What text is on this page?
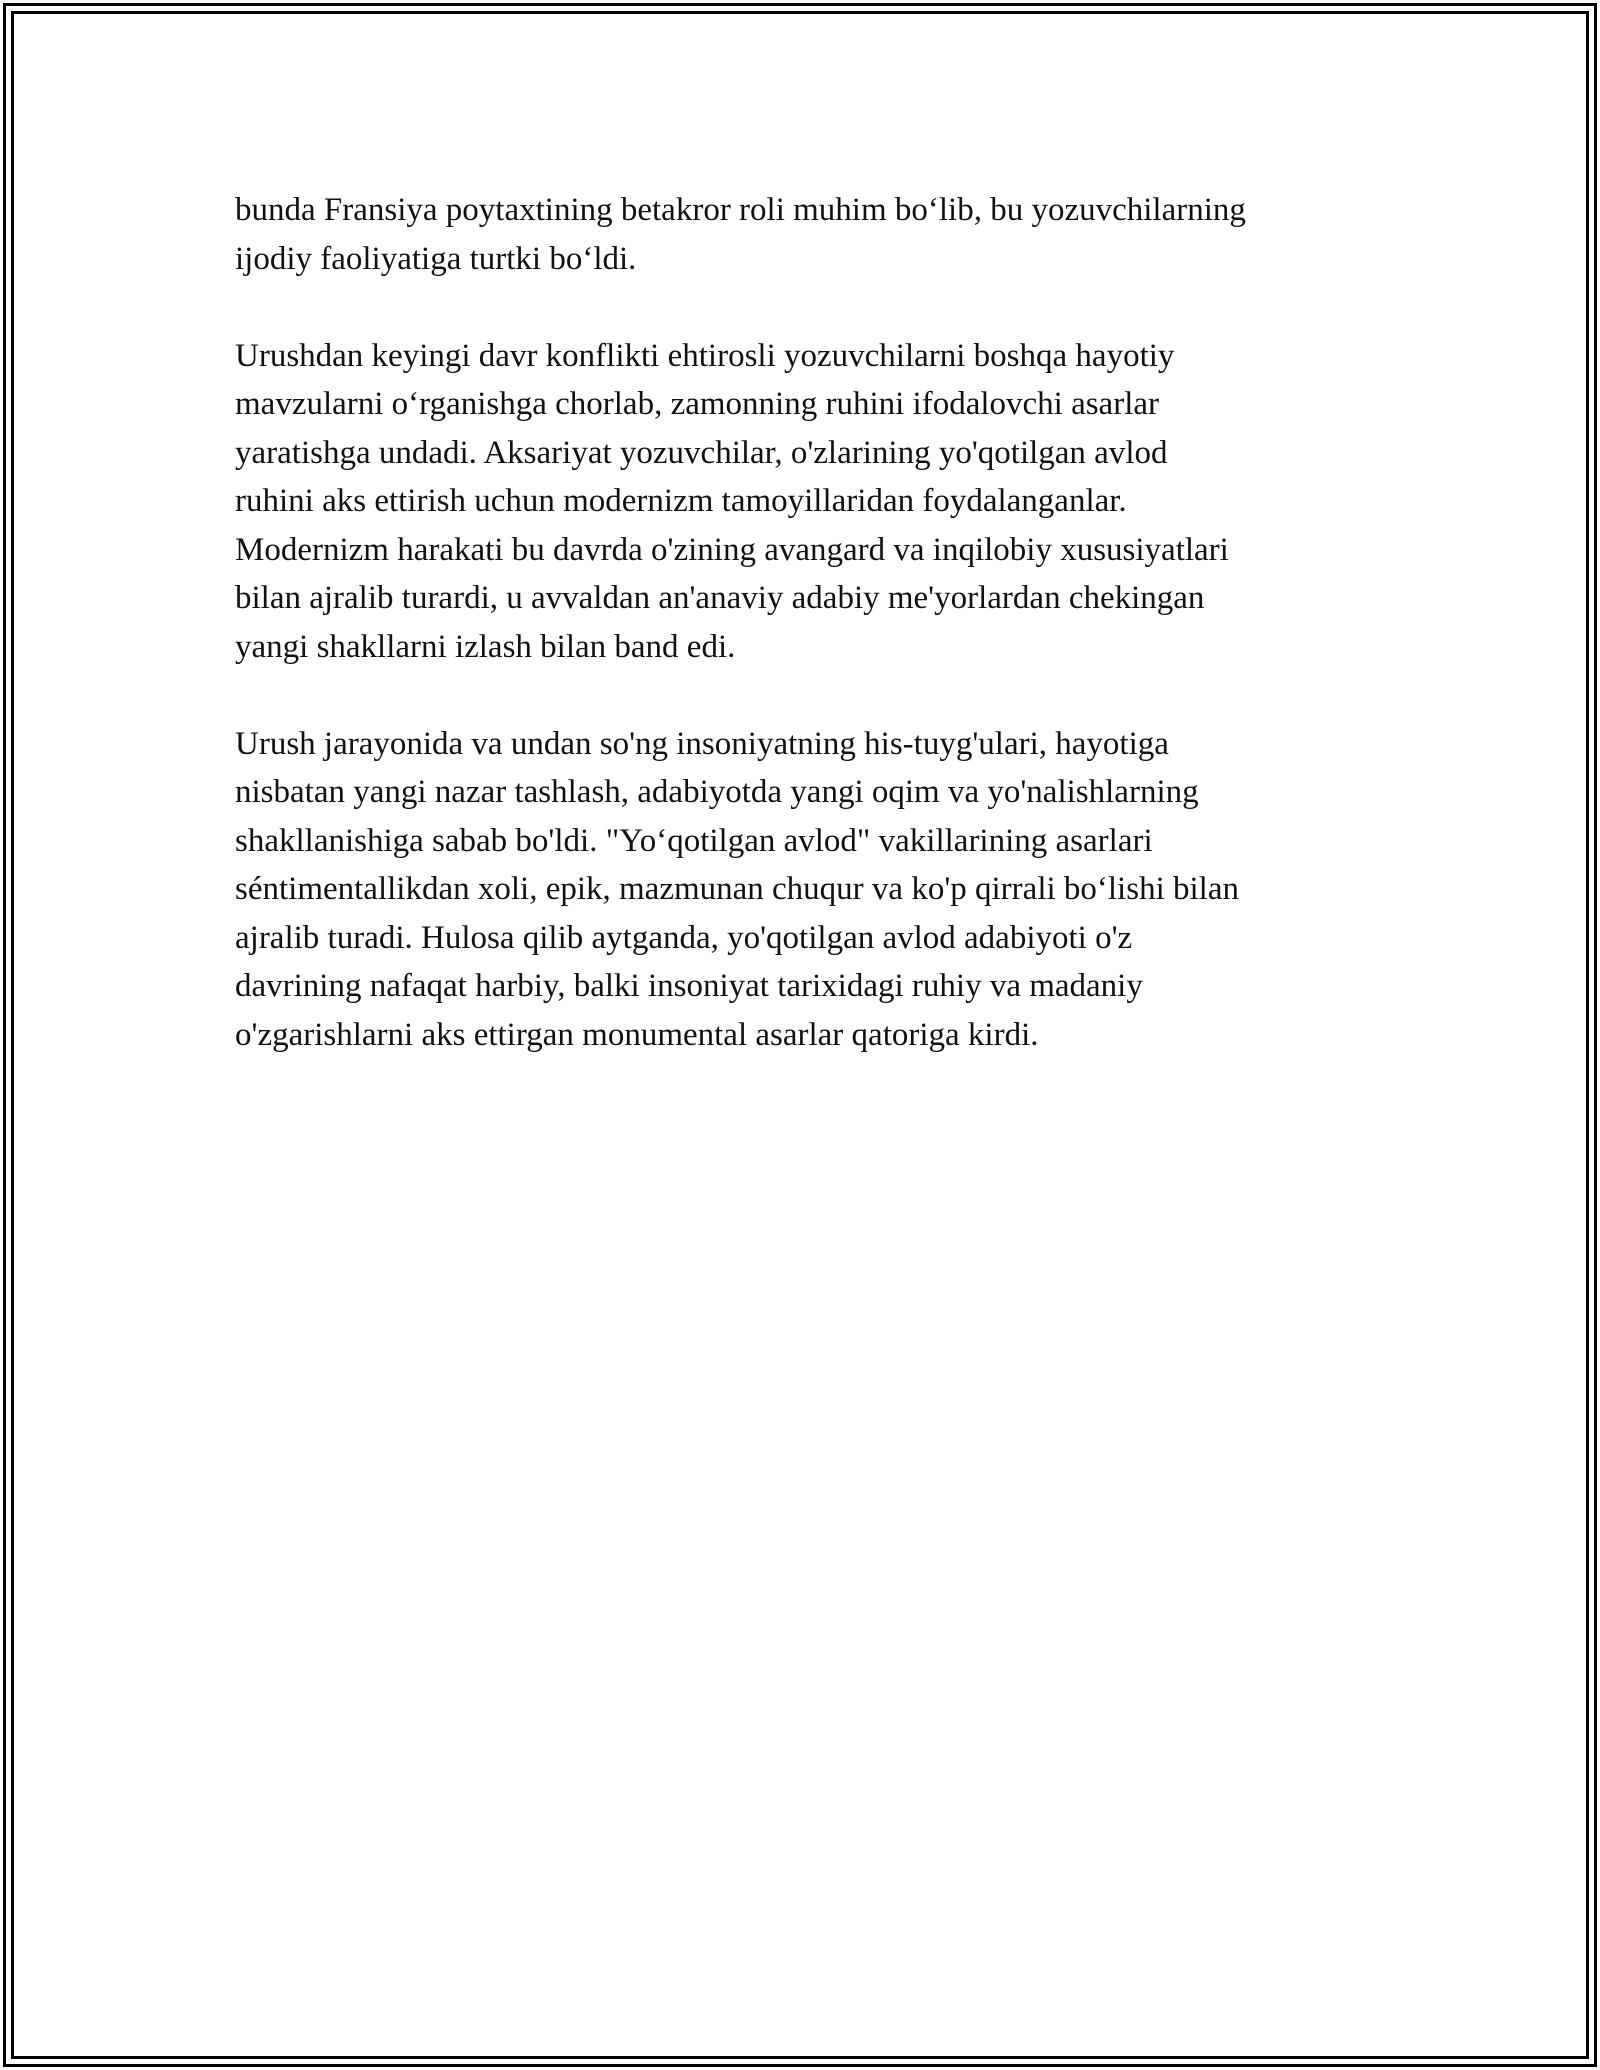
bunda Fransiya poytaxtining betakror roli muhim bo‘lib, bu yozuvchilarning
ijodiy faoliyatiga turtki bo‘ldi.

Urushdan keyingi davr konflikti ehtirosli yozuvchilarni boshqa hayotiy
mavzularni o‘rganishga chorlab, zamonning ruhini ifodalovchi asarlar
yaratishga undadi. Aksariyat yozuvchilar, o'zlarining yo'qotilgan avlod
ruhini aks ettirish uchun modernizm tamoyillaridan foydalanganlar.
Modernizm harakati bu davrda o'zining avangard va inqilobiy xususiyatlari
bilan ajralib turardi, u avvaldan an'anaviy adabiy me'yorlardan chekingan
yangi shakllarni izlash bilan band edi.

Urush jarayonida va undan so'ng insoniyatning his-tuyg'ulari, hayotiga
nisbatan yangi nazar tashlash, adabiyotda yangi oqim va yo'nalishlarning
shakllanishiga sabab bo'ldi. "Yo‘qotilgan avlod" vakillarining asarlari
séntimentallikdan xoli, epik, mazmunan chuqur va ko'p qirrali bo‘lishi bilan
ajralib turadi. Hulosa qilib aytganda, yo'qotilgan avlod adabiyoti o'z
davrining nafaqat harbiy, balki insoniyat tarixidagi ruhiy va madaniy
o'zgarishlarni aks ettirgan monumental asarlar qatoriga kirdi.
